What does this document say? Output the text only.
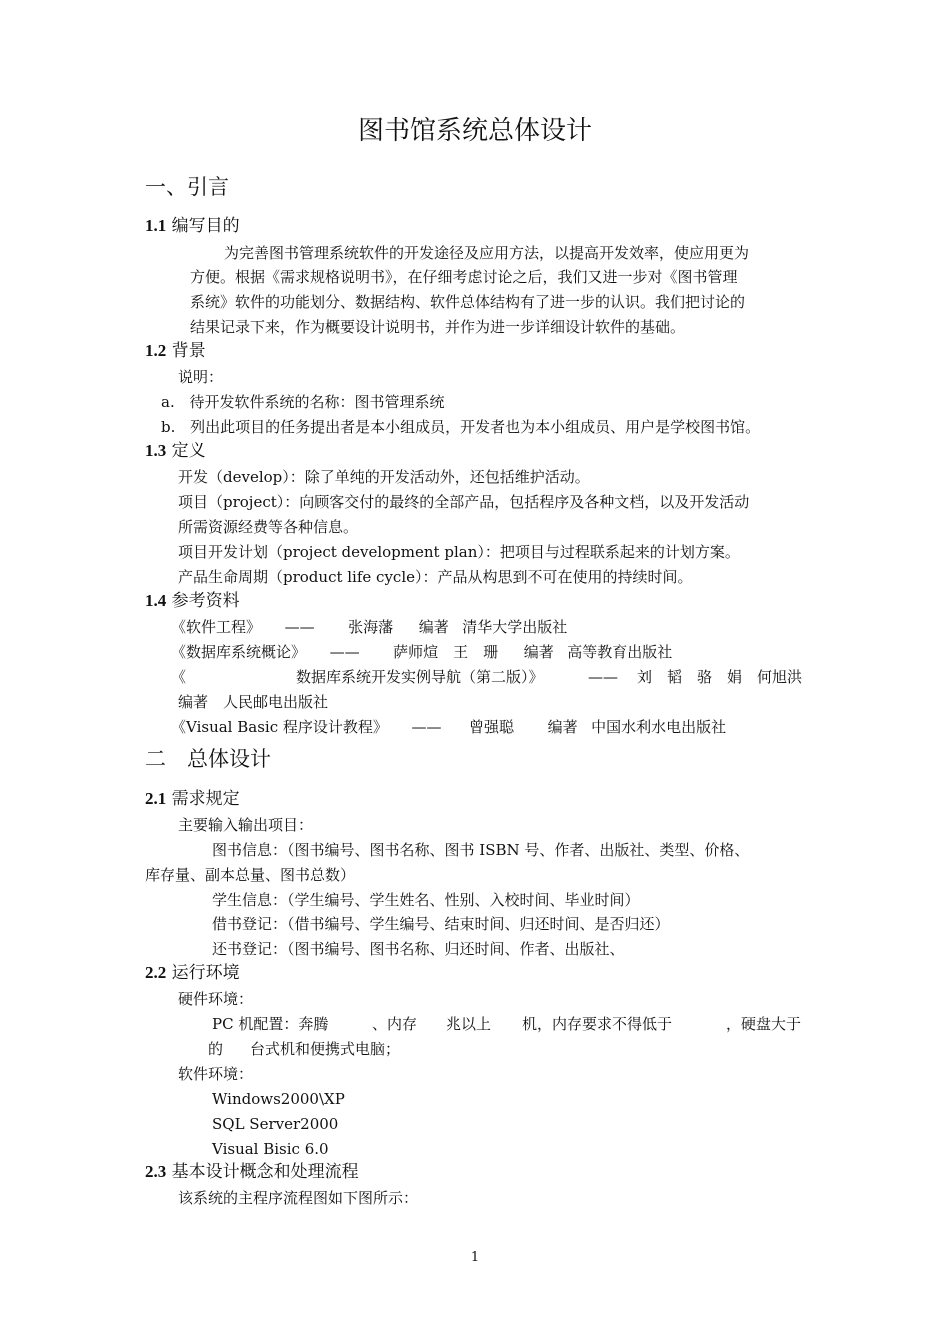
图书馆系统总体设计
一、引言
1.1 编写目的
为完善图书管理系统软件的开发途径及应用方法，以提高开发效率，使应用更为
方便。根据《需求规格说明书》，在仔细考虑讨论之后，我们又进一步对《图书管理
系统》软件的功能划分、数据结构、软件总体结构有了进一步的认识。我们把讨论的
结果记录下来，作为概要设计说明书，并作为进一步详细设计软件的基础。
1.2 背景
说明：
a. 待开发软件系统的名称：图书管理系统
b. 列出此项目的任务提出者是本小组成员，开发者也为本小组成员、用户是学校图书馆。
1.3 定义
开发（develop）：除了单纯的开发活动外，还包括维护活动。
项目（project）：向顾客交付的最终的全部产品，包括程序及各种文档，以及开发活动
所需资源经费等各种信息。
项目开发计划（project development plan）：把项目与过程联系起来的计划方案。
产品生命周期（product life cycle）：产品从构思到不可在使用的持续时间。
1.4 参考资料
《软件工程》 —— 张海藩 编著 清华大学出版社
《数据库系统概论》 —— 萨师煊　王　珊 编著 高等教育出版社
《	数据库系统开发实例导航（第二版）》	—— 刘　韬　骆　娟　何旭洪
编著　人民邮电出版社
《Visual Basic 程序设计教程》 —— 曾强聪 编著 中国水利水电出版社
二　总体设计
2.1 需求规定
主要输入输出项目：
图书信息：（图书编号、图书名称、图书 ISBN 号、作者、出版社、类型、价格、
库存量、副本总量、图书总数）
学生信息：（学生编号、学生姓名、性别、入校时间、毕业时间）
借书登记：（借书编号、学生编号、结束时间、归还时间、是否归还）
还书登记：（图书编号、图书名称、归还时间、作者、出版社、
2.2 运行环境
硬件环境：
PC 机配置：奔腾	、内存 兆以上 机，内存要求不得低于	，硬盘大于
的 台式机和便携式电脑；
软件环境：
Windows2000\XP
SQL Server2000
Visual Bisic 6.0
2.3 基本设计概念和处理流程
该系统的主程序流程图如下图所示：
1
